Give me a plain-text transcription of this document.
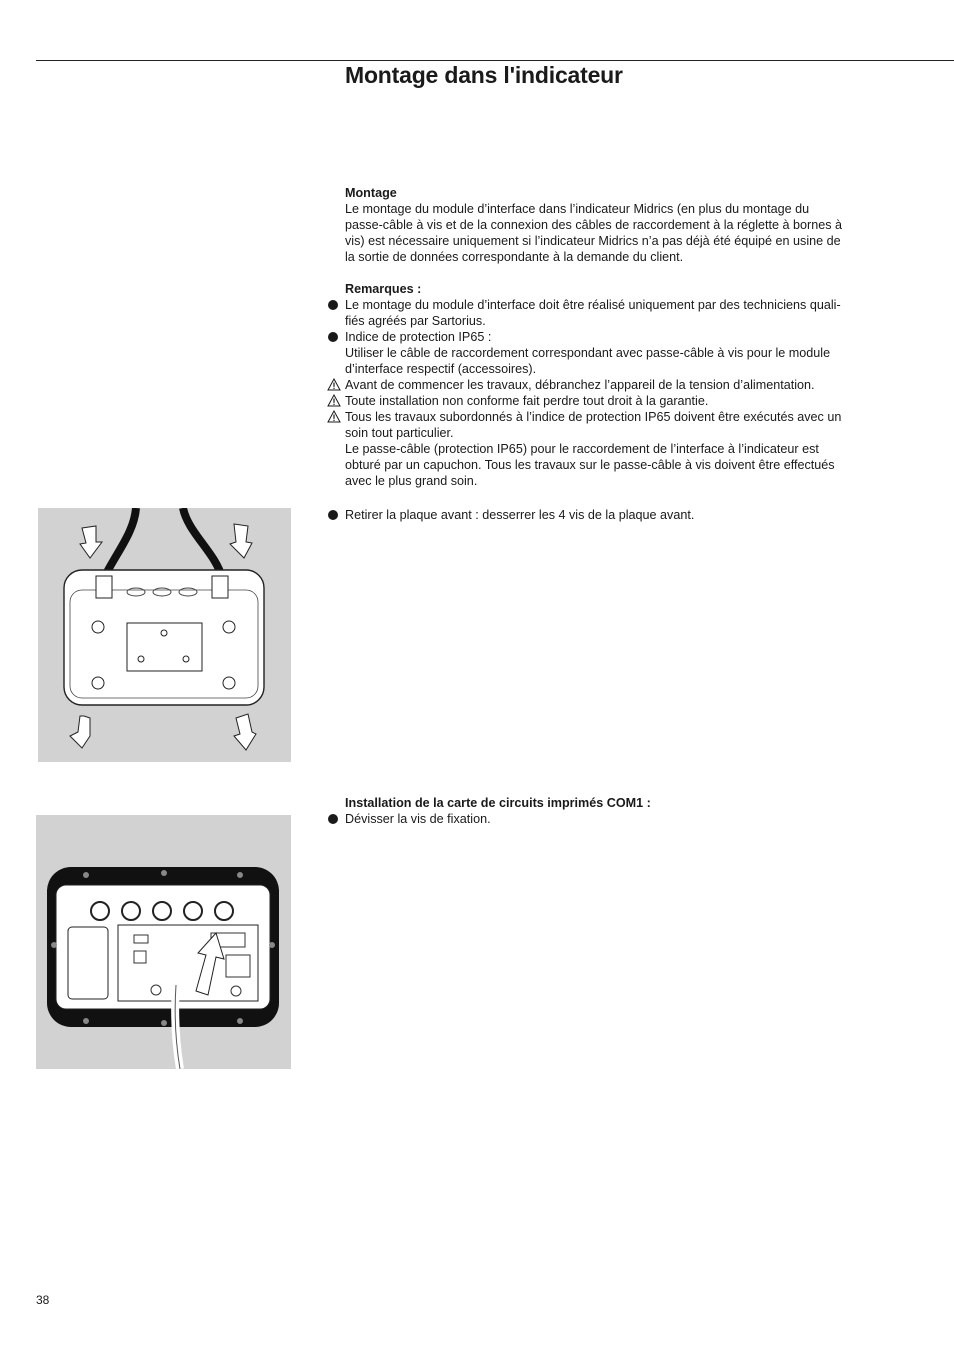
Montage dans l'indicateur

Montage

Le montage du module d’interface dans l’indicateur Midrics (en plus du montage du

passe-câble à vis et de la connexion des câbles de raccordement à la réglette à bornes à

vis) est nécessaire uniquement si l’indicateur Midrics n’a pas déjà été équipé en usine de

la sortie de données correspondante à la demande du client.

Remarques :

Le montage du module d’interface doit être réalisé uniquement par des techniciens quali-

fiés agréés par Sartorius.

Indice de protection IP65 :

Utiliser le câble de raccordement correspondant avec passe-câble à vis pour le module

d’interface respectif (accessoires).

Avant de commencer les travaux, débranchez l’appareil de la tension d’alimentation.

Toute installation non conforme fait perdre tout droit à la garantie.

Tous les travaux subordonnés à l’indice de protection IP65 doivent être exécutés avec un

soin tout particulier.

Le passe-câble (protection IP65) pour le raccordement de l’interface à l’indicateur est

obturé par un capuchon. Tous les travaux sur le passe-câble à vis doivent être effectués

avec le plus grand soin.

Retirer la plaque avant : desserrer les 4 vis de la plaque avant.

Installation de la carte de circuits imprimés COM1 :

Dévisser la vis de fixation.

38
